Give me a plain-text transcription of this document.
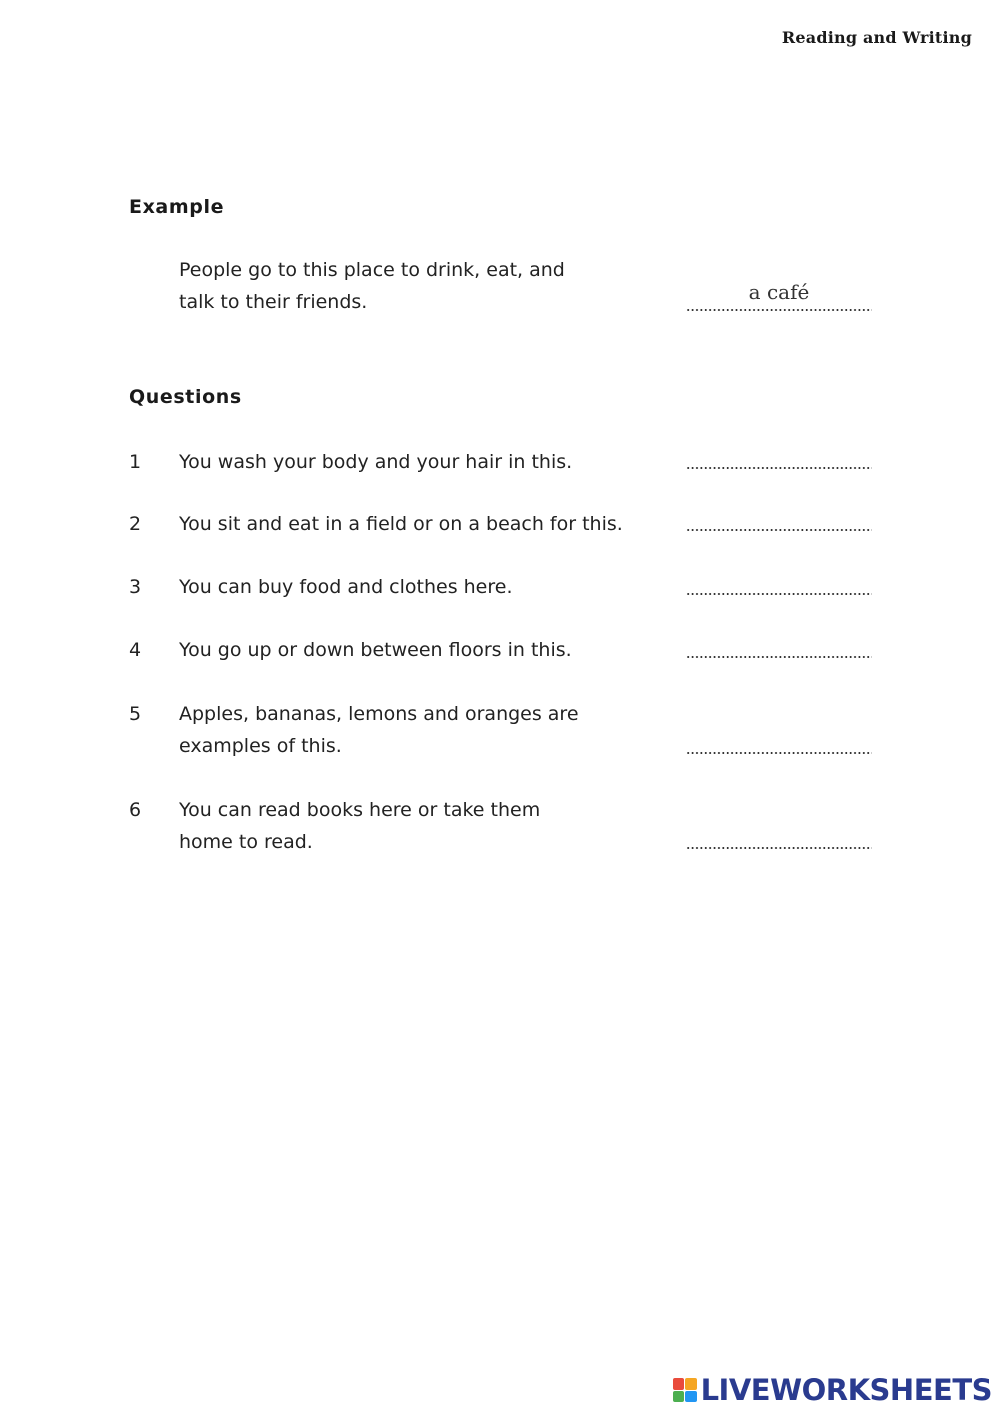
Reading and Writing
Example
People go to this place to drink, eat, and
talk to their friends.	a café
Questions
1 You wash your body and your hair in this.
2 You sit and eat in a field or on a beach for this.
3 You can buy food and clothes here.
4 You go up or down between floors in this.
5 Apples, bananas, lemons and oranges are
examples of this.
6 You can read books here or take them
home to read.
LIVEWORKSHEETS
